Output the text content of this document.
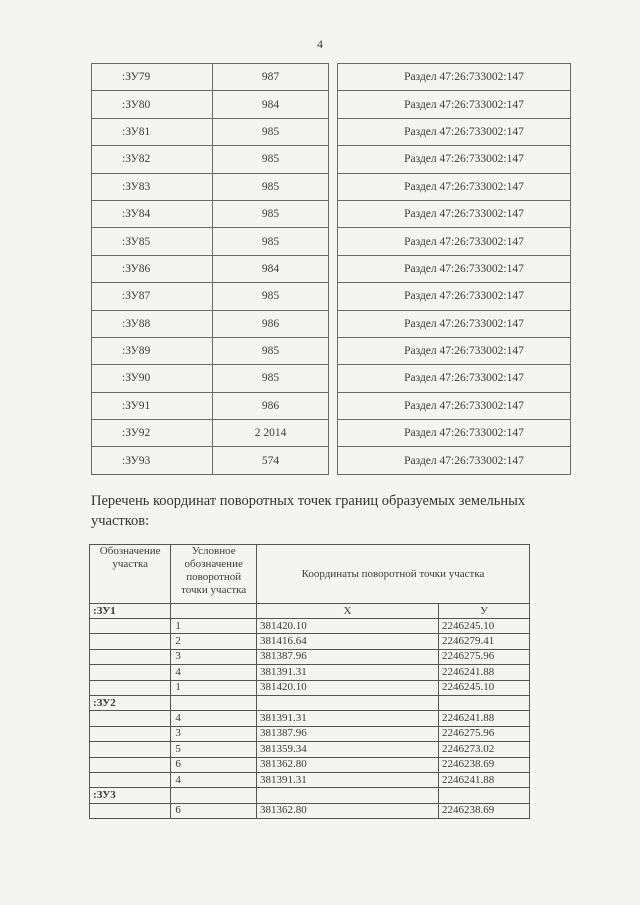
4
:ЗУ79	987		Раздел 47:26:733002:147
:ЗУ80	984		Раздел 47:26:733002:147
:ЗУ81	985		Раздел 47:26:733002:147
:ЗУ82	985		Раздел 47:26:733002:147
:ЗУ83	985		Раздел 47:26:733002:147
:ЗУ84	985		Раздел 47:26:733002:147
:ЗУ85	985		Раздел 47:26:733002:147
:ЗУ86	984		Раздел 47:26:733002:147
:ЗУ87	985		Раздел 47:26:733002:147
:ЗУ88	986		Раздел 47:26:733002:147
:ЗУ89	985		Раздел 47:26:733002:147
:ЗУ90	985		Раздел 47:26:733002:147
:ЗУ91	986		Раздел 47:26:733002:147
:ЗУ92	2 2014		Раздел 47:26:733002:147
:ЗУ93	574		Раздел 47:26:733002:147
Перечень координат поворотных точек границ образуемых земельных участков:
Обозначение участка	Условное обозначение поворотной точки участка	Координаты поворотной точки участка	
:ЗУ1		X	У
	1	381420.10	2246245.10
	2	381416.64	2246279.41
	3	381387.96	2246275.96
	4	381391.31	2246241.88
	1	381420.10	2246245.10
:ЗУ2			
	4	381391.31	2246241.88
	3	381387.96	2246275.96
	5	381359.34	2246273.02
	6	381362.80	2246238.69
	4	381391.31	2246241.88
:ЗУ3			
	6	381362.80	2246238.69
